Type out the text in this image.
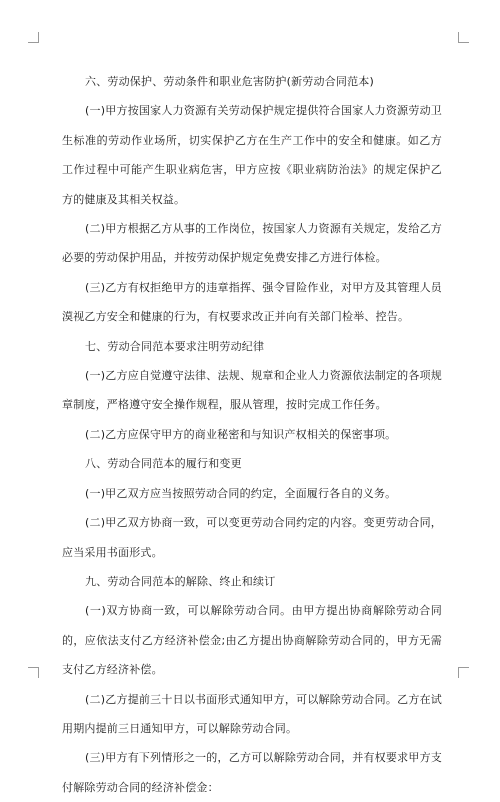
六、劳动保护、劳动条件和职业危害防护(新劳动合同范本)

(一)甲方按国家人力资源有关劳动保护规定提供符合国家人力资源劳动卫生标准的劳动作业场所，切实保护乙方在生产工作中的安全和健康。如乙方工作过程中可能产生职业病危害，甲方应按《职业病防治法》的规定保护乙方的健康及其相关权益。

(二)甲方根据乙方从事的工作岗位，按国家人力资源有关规定，发给乙方必要的劳动保护用品，并按劳动保护规定免费安排乙方进行体检。

(三)乙方有权拒绝甲方的违章指挥、强令冒险作业，对甲方及其管理人员漠视乙方安全和健康的行为，有权要求改正并向有关部门检举、控告。

七、劳动合同范本要求注明劳动纪律

(一)乙方应自觉遵守法律、法规、规章和企业人力资源依法制定的各项规章制度，严格遵守安全操作规程，服从管理，按时完成工作任务。

(二)乙方应保守甲方的商业秘密和与知识产权相关的保密事项。

八、劳动合同范本的履行和变更

(一)甲乙双方应当按照劳动合同的约定，全面履行各自的义务。

(二)甲乙双方协商一致，可以变更劳动合同约定的内容。变更劳动合同，应当采用书面形式。

九、劳动合同范本的解除、终止和续订

(一)双方协商一致，可以解除劳动合同。由甲方提出协商解除劳动合同的，应依法支付乙方经济补偿金;由乙方提出协商解除劳动合同的，甲方无需支付乙方经济补偿。

(二)乙方提前三十日以书面形式通知甲方，可以解除劳动合同。乙方在试用期内提前三日通知甲方，可以解除劳动合同。

(三)甲方有下列情形之一的，乙方可以解除劳动合同，并有权要求甲方支付解除劳动合同的经济补偿金：
